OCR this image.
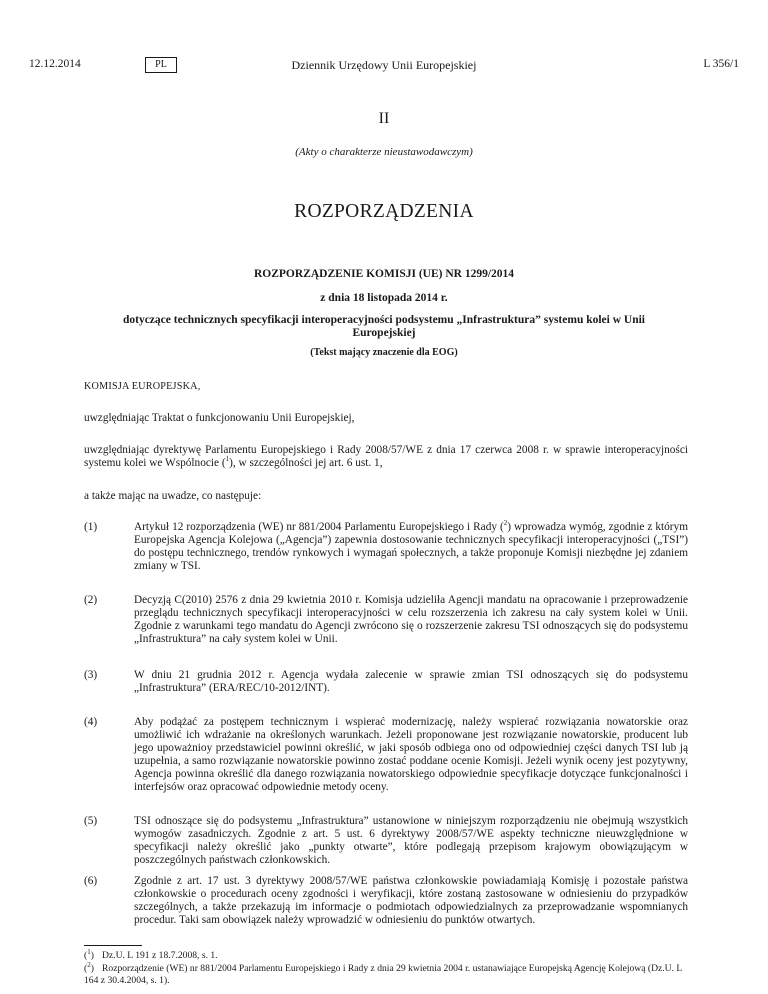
12.12.2014	PL	Dziennik Urzędowy Unii Europejskiej	L 356/1
II
(Akty o charakterze nieustawodawczym)
ROZPORZĄDZENIA
ROZPORZĄDZENIE KOMISJI (UE) NR 1299/2014
z dnia 18 listopada 2014 r.
dotyczące technicznych specyfikacji interoperacyjności podsystemu „Infrastruktura” systemu kolei w Unii Europejskiej
(Tekst mający znaczenie dla EOG)
KOMISJA EUROPEJSKA,
uwzględniając Traktat o funkcjonowaniu Unii Europejskiej,
uwzględniając dyrektywę Parlamentu Europejskiego i Rady 2008/57/WE z dnia 17 czerwca 2008 r. w sprawie interoperacyjności systemu kolei we Wspólnocie ($^1$), w szczególności jej art. 6 ust. 1,
a także mając na uwadze, co następuje:
(1)	Artykuł 12 rozporządzenia (WE) nr 881/2004 Parlamentu Europejskiego i Rady ($^2$) wprowadza wymóg, zgodnie z którym Europejska Agencja Kolejowa („Agencja”) zapewnia dostosowanie technicznych specyfikacji interoperacyjności („TSI”) do postępu technicznego, trendów rynkowych i wymagań społecznych, a także proponuje Komisji niezbędne jej zdaniem zmiany w TSI.
(2)	Decyzją C(2010) 2576 z dnia 29 kwietnia 2010 r. Komisja udzieliła Agencji mandatu na opracowanie i przeprowadzenie przeglądu technicznych specyfikacji interoperacyjności w celu rozszerzenia ich zakresu na cały system kolei w Unii. Zgodnie z warunkami tego mandatu do Agencji zwrócono się o rozszerzenie zakresu TSI odnoszących się do podsystemu „Infrastruktura” na cały system kolei w Unii.
(3)	W dniu 21 grudnia 2012 r. Agencja wydała zalecenie w sprawie zmian TSI odnoszących się do podsystemu „Infrastruktura” (ERA/REC/10-2012/INT).
(4)	Aby podążać za postępem technicznym i wspierać modernizację, należy wspierać rozwiązania nowatorskie oraz umożliwić ich wdrażanie na określonych warunkach. Jeżeli proponowane jest rozwiązanie nowatorskie, producent lub jego upoważnioy przedstawiciel powinni określić, w jaki sposób odbiega ono od odpowiedniej części danych TSI lub ją uzupełnia, a samo rozwiązanie nowatorskie powinno zostać poddane ocenie Komisji. Jeżeli wynik oceny jest pozytywny, Agencja powinna określić dla danego rozwiązania nowatorskiego odpowiednie specyfikacje dotyczące funkcjonalności i interfejsów oraz opracować odpowiednie metody oceny.
(5)	TSI odnoszące się do podsystemu „Infrastruktura” ustanowione w niniejszym rozporządzeniu nie obejmują wszystkich wymogów zasadniczych. Zgodnie z art. 5 ust. 6 dyrektywy 2008/57/WE aspekty techniczne nieuwzględnione w specyfikacji należy określić jako „punkty otwarte”, które podlegają przepisom krajowym obowiązującym w poszczególnych państwach członkowskich.
(6)	Zgodnie z art. 17 ust. 3 dyrektywy 2008/57/WE państwa członkowskie powiadamiają Komisję i pozostałe państwa członkowskie o procedurach oceny zgodności i weryfikacji, które zostaną zastosowane w odniesieniu do przypadków szczególnych, a także przekazują im informacje o podmiotach odpowiedzialnych za przeprowadzanie wspomnianych procedur. Taki sam obowiązek należy wprowadzić w odniesieniu do punktów otwartych.
($^1$) Dz.U. L 191 z 18.7.2008, s. 1.
($^2$) Rozporządzenie (WE) nr 881/2004 Parlamentu Europejskiego i Rady z dnia 29 kwietnia 2004 r. ustanawiające Europejską Agencję Kolejową (Dz.U. L 164 z 30.4.2004, s. 1).
